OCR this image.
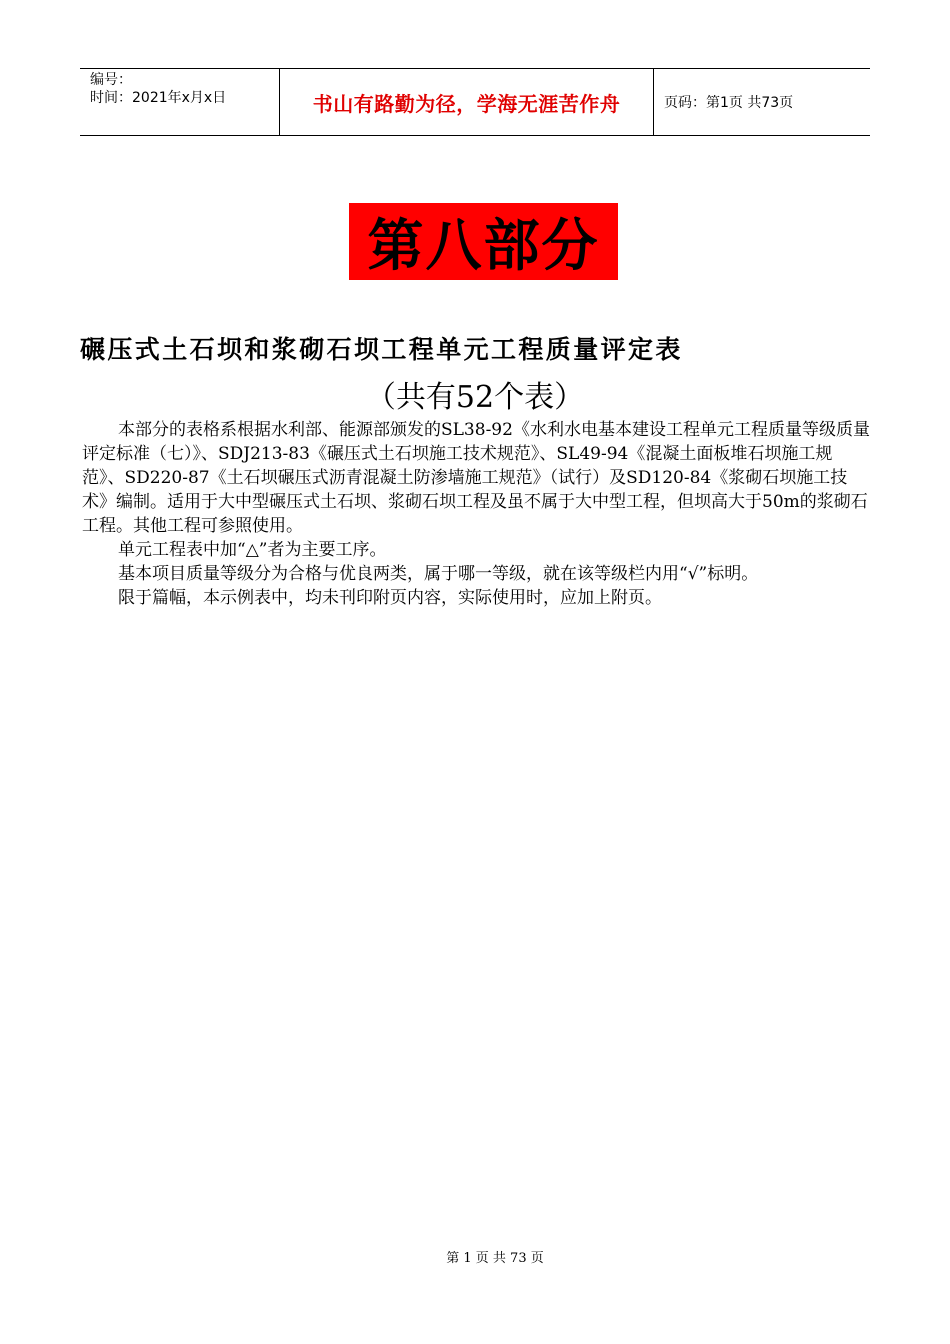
编号：
时间：2021年x月x日	书山有路勤为径，学海无涯苦作舟	页码：第1页 共73页
第八部分
碾压式土石坝和浆砌石坝工程单元工程质量评定表
（共有52个表）

本部分的表格系根据水利部、能源部颁发的SL38-92《水利水电基本建设工程单元工程质量等级质量评定标准（七）》、SDJ213-83《碾压式土石坝施工技术规范》、SL49-94《混凝土面板堆石坝施工规范》、SD220-87《土石坝碾压式沥青混凝土防渗墙施工规范》（试行）及SD120-84《浆砌石坝施工技术》编制。适用于大中型碾压式土石坝、浆砌石坝工程及虽不属于大中型工程，但坝高大于50m的浆砌石工程。其他工程可参照使用。

单元工程表中加“△”者为主要工序。

基本项目质量等级分为合格与优良两类，属于哪一等级，就在该等级栏内用“√”标明。

限于篇幅，本示例表中，均未刊印附页内容，实际使用时，应加上附页。

第 1 页 共 73 页
